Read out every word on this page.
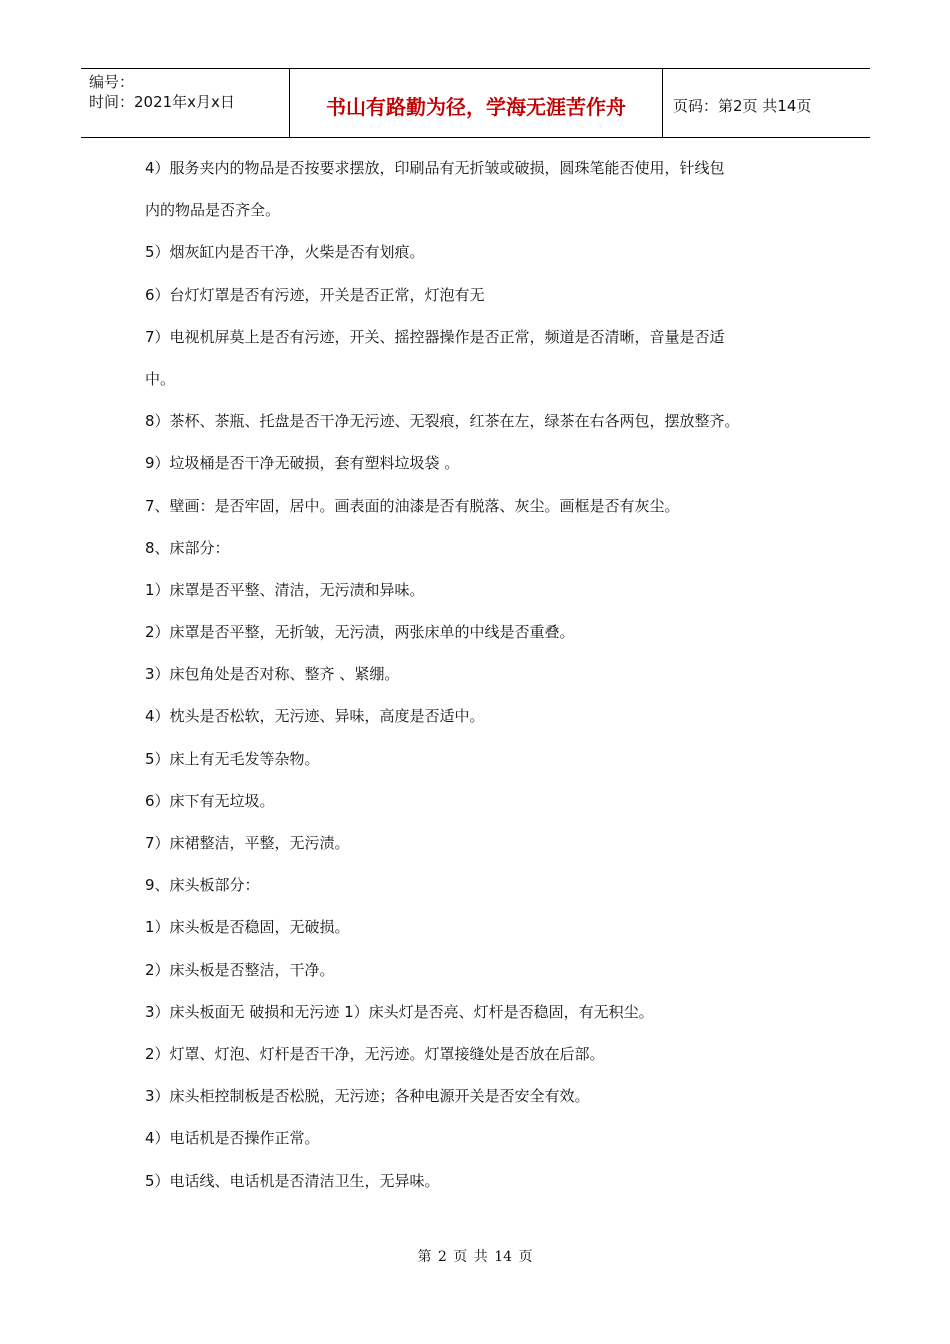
编号：
时间：2021年x月x日	书山有路勤为径，学海无涯苦作舟	页码：第2页 共14页
4）服务夹内的物品是否按要求摆放，印刷品有无折皱或破损，圆珠笔能否使用，针线包
内的物品是否齐全。
5）烟灰缸内是否干净，火柴是否有划痕。
6）台灯灯罩是否有污迹，开关是否正常，灯泡有无
7）电视机屏莫上是否有污迹，开关、摇控器操作是否正常，频道是否清晰，音量是否适
中。
8）茶杯、茶瓶、托盘是否干净无污迹、无裂痕，红茶在左，绿茶在右各两包，摆放整齐。
9）垃圾桶是否干净无破损，套有塑料垃圾袋 。
7、壁画：是否牢固，居中。画表面的油漆是否有脱落、灰尘。画框是否有灰尘。
8、床部分：
1）床罩是否平整、清洁，无污渍和异味。
2）床罩是否平整，无折皱，无污渍，两张床单的中线是否重叠。
3）床包角处是否对称、整齐 、紧绷。
4）枕头是否松软，无污迹、异味，高度是否适中。
5）床上有无毛发等杂物。
6）床下有无垃圾。
7）床裙整洁，平整，无污渍。
9、床头板部分：
1）床头板是否稳固，无破损。
2）床头板是否整洁，干净。
3）床头板面无 破损和无污迹 1）床头灯是否亮、灯杆是否稳固，有无积尘。
2）灯罩、灯泡、灯杆是否干净，无污迹。灯罩接缝处是否放在后部。
3）床头柜控制板是否松脱，无污迹；各种电源开关是否安全有效。
4）电话机是否操作正常。
5）电话线、电话机是否清洁卫生，无异味。
第 2 页 共 14 页
